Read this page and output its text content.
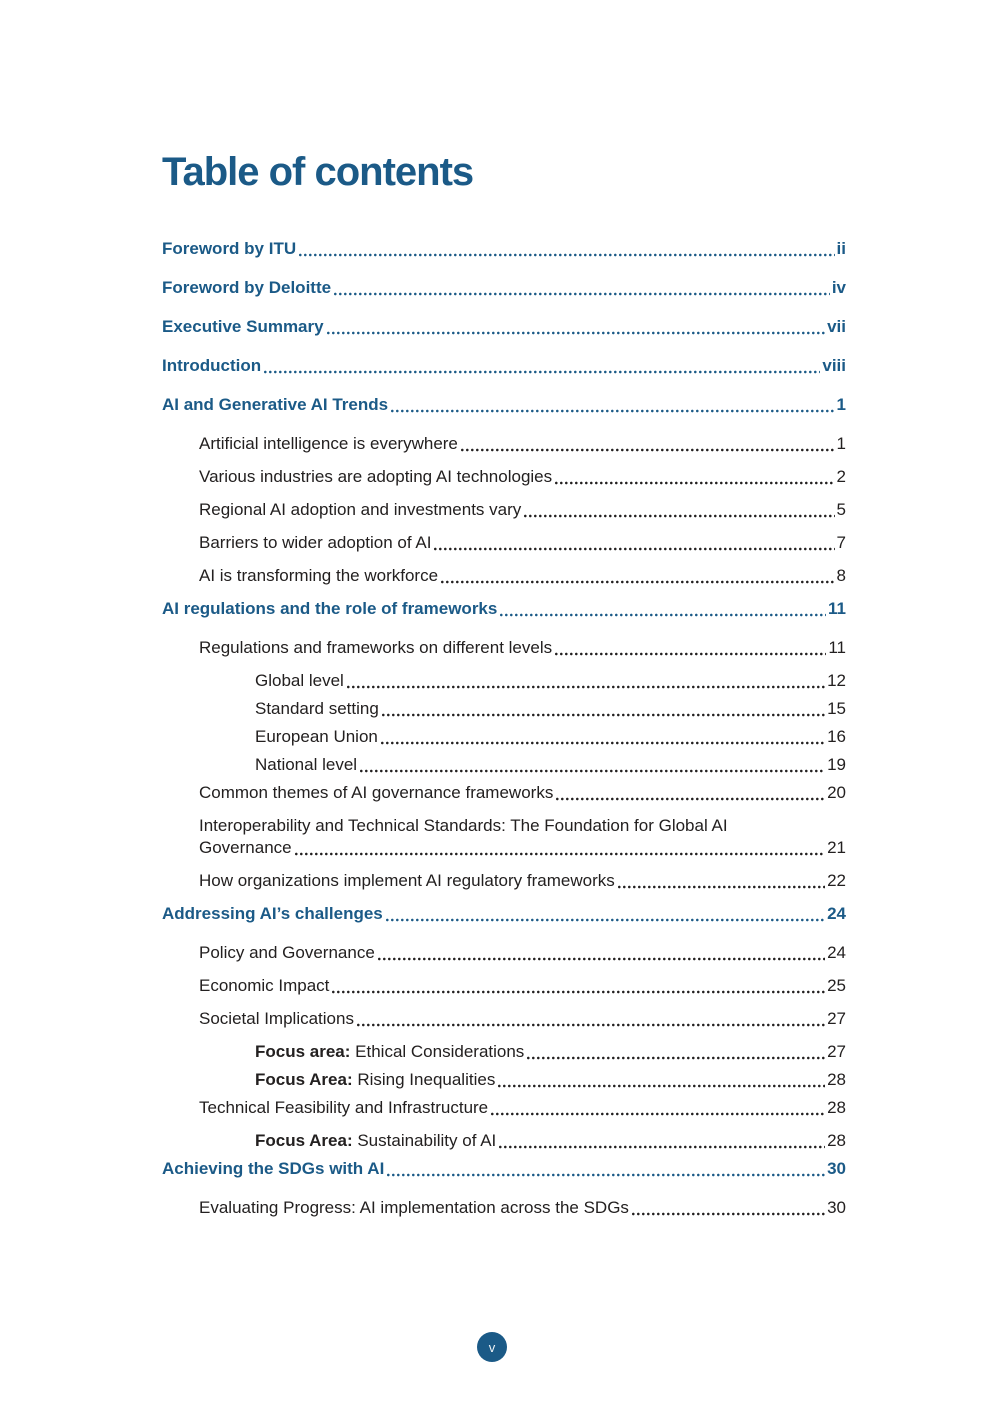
Table of contents
Foreword by ITU	ii
Foreword by Deloitte	iv
Executive Summary	vii
Introduction	viii
AI and Generative AI Trends	1
Artificial intelligence is everywhere	1
Various industries are adopting AI technologies	2
Regional AI adoption and investments vary	5
Barriers to wider adoption of AI	7
AI is transforming the workforce	8
AI regulations and the role of frameworks	11
Regulations and frameworks on different levels	11
Global level	12
Standard setting	15
European Union	16
National level	19
Common themes of AI governance frameworks	20
Interoperability and Technical Standards: The Foundation for Global AI
Governance	21
How organizations implement AI regulatory frameworks	22
Addressing AI’s challenges	24
Policy and Governance	24
Economic Impact	25
Societal Implications	27
Focus area: Ethical Considerations	27
Focus Area: Rising Inequalities	28
Technical Feasibility and Infrastructure	28
Focus Area: Sustainability of AI	28
Achieving the SDGs with AI	30
Evaluating Progress: AI implementation across the SDGs	30
v
